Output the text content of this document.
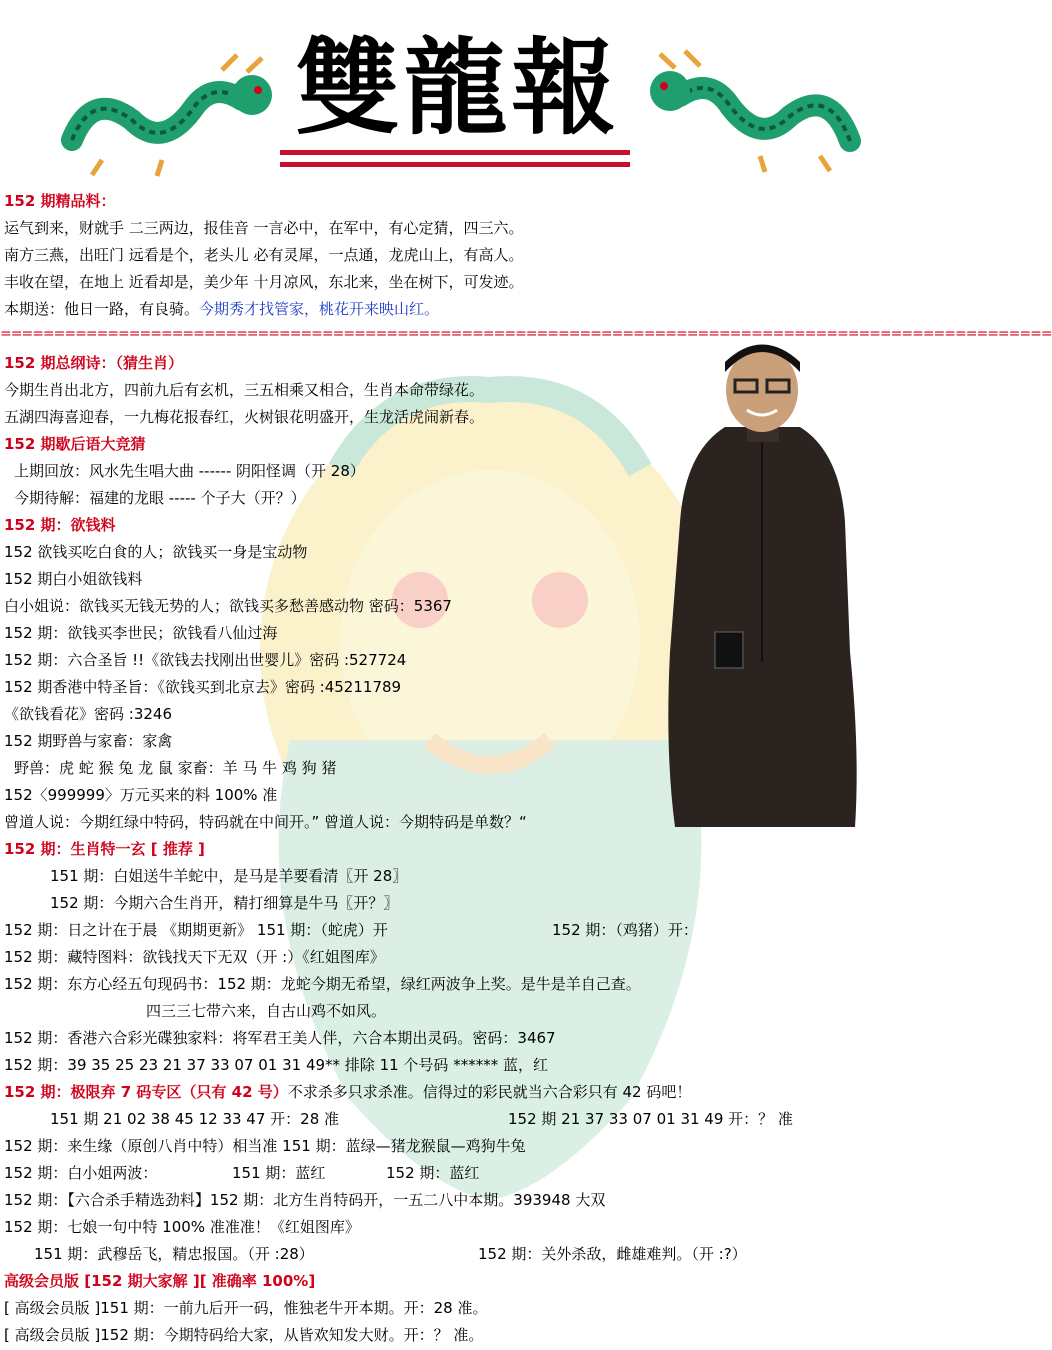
雙龍報
152 期精品料：
运气到来，财就手 二三两边，报佳音 一言必中，在军中，有心定猜，四三六。
南方三燕，出旺门 远看是个，老头儿 必有灵犀，一点通，龙虎山上，有高人。
丰收在望，在地上 近看却是，美少年 十月凉风，东北来，坐在树下，可发迹。
本期送：他日一路，有良骑。今期秀才找管家，桃花开来映山红。
==================================================================================================
152 期总纲诗：（猜生肖）
今期生肖出北方，四前九后有玄机，三五相乘又相合，生肖本命带绿花。
五湖四海喜迎春，一九梅花报春红，火树银花明盛开，生龙活虎闹新春。
152 期歇后语大竞猜
上期回放：风水先生唱大曲 ------ 阴阳怪调（开 28）
今期待解：福建的龙眼 ----- 个子大（开？）
152 期：欲钱料
152 欲钱买吃白食的人；欲钱买一身是宝动物
152 期白小姐欲钱料
白小姐说：欲钱买无钱无势的人；欲钱买多愁善感动物 密码：5367
152 期：欲钱买李世民；欲钱看八仙过海
152 期：六合圣旨 !!《欲钱去找刚出世婴儿》密码 :527724
152 期香港中特圣旨：《欲钱买到北京去》密码 :45211789
《欲钱看花》密码 :3246
152 期野兽与家畜：家禽
野兽：虎 蛇 猴 兔 龙 鼠 家畜：羊 马 牛 鸡 狗 猪
152〈999999〉万元买来的料 100% 准
曾道人说：今期红绿中特码，特码就在中间开。” 曾道人说：今期特码是单数？“
152 期：生肖特一玄 [ 推荐 ]
151 期：白姐送牛羊蛇中，是马是羊要看清〖开 28〗
152 期：今期六合生肖开，精打细算是牛马〖开？〗
152 期：日之计在于晨 《期期更新》 151 期：（蛇虎）开	152 期：（鸡猪）开：
152 期：藏特图料：欲钱找天下无双（开 :）《红姐图库》
152 期：东方心经五句现码书：152 期：龙蛇今期无希望，绿红两波争上奖。是牛是羊自己查。
四三三七带六来，自古山鸡不如风。
152 期：香港六合彩光碟独家料：将军君王美人伴，六合本期出灵码。密码：3467
152 期：39 35 25 23 21 37 33 07 01 31 49** 排除 11 个号码 ****** 蓝，红
152 期：极限弃 7 码专区（只有 42 号）不求杀多只求杀准。信得过的彩民就当六合彩只有 42 码吧！
151 期 21 02 38 45 12 33 47 开：28 准	152 期 21 37 33 07 01 31 49 开：？ 准
152 期：来生缘（原创八肖中特）相当准 151 期：蓝绿—猪龙猴鼠—鸡狗牛兔
152 期：白小姐两波：	151 期：蓝红	152 期：蓝红
152 期：【六合杀手精选劲料】152 期：北方生肖特码开，一五二八中本期。393948 大双
152 期：七娘一句中特 100% 准准准！《红姐图库》
151 期：武穆岳飞，精忠报国。（开 :28）	152 期：关外杀敌，雌雄难判。（开 :?）
高级会员版 [152 期大家解 ][ 准确率 100%]
[ 高级会员版 ]151 期：一前九后开一码，惟独老牛开本期。开：28 准。
[ 高级会员版 ]152 期：今期特码给大家，从皆欢知发大财。开：？ 准。
